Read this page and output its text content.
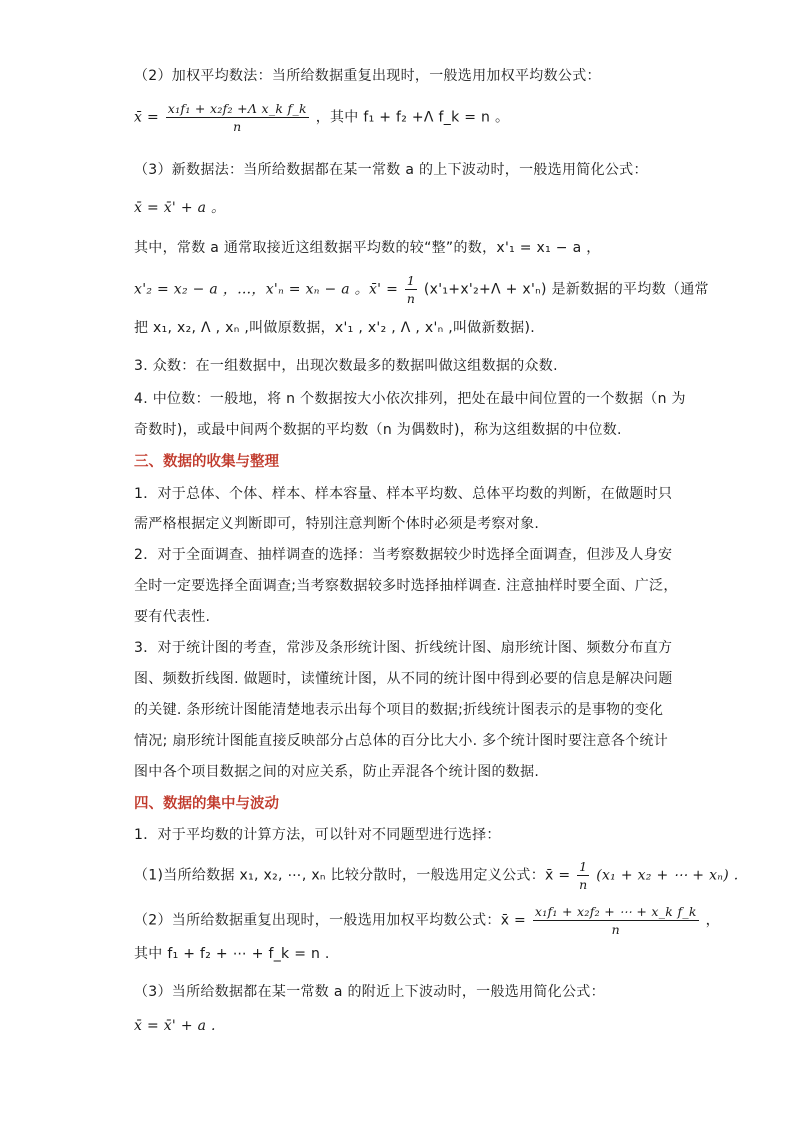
（2）加权平均数法：当所给数据重复出现时，一般选用加权平均数公式：
x̄ = $\frac{\text{x₁f₁ + x₂f₂ +Λ x\_k f\_k}}{n}$ ，其中 f₁ + f₂ +Λ f_k = n 。
（3）新数据法：当所给数据都在某一常数 a 的上下波动时，一般选用简化公式：
x̄ = x̄' + a 。
其中，常数 a 通常取接近这组数据平均数的较“整”的数，x'₁ = x₁ − a ，
x'₂ = x₂ − a ，…，x'ₙ = xₙ − a 。x̄' = $\frac{1}{n} (x'_1+x'_2+\Lambda + x'_n)$ 是新数据的平均数（通常
把 x₁, x₂, Λ , xₙ ,叫做原数据，x'₁ , x'₂ , Λ , x'ₙ ,叫做新数据).
3. 众数：在一组数据中，出现次数最多的数据叫做这组数据的众数.
4. 中位数：一般地，将 n 个数据按大小依次排列，把处在最中间位置的一个数据（n 为
奇数时)，或最中间两个数据的平均数（n 为偶数时)，称为这组数据的中位数.
三、数据的收集与整理
1．对于总体、个体、样本、样本容量、样本平均数、总体平均数的判断，在做题时只
需严格根据定义判断即可，特别注意判断个体时必须是考察对象.
2．对于全面调查、抽样调查的选择：当考察数据较少时选择全面调查，但涉及人身安
全时一定要选择全面调查;当考察数据较多时选择抽样调查. 注意抽样时要全面、广泛，
要有代表性.
3．对于统计图的考查，常涉及条形统计图、折线统计图、扇形统计图、频数分布直方
图、频数折线图. 做题时，读懂统计图，从不同的统计图中得到必要的信息是解决问题
的关键. 条形统计图能清楚地表示出每个项目的数据;折线统计图表示的是事物的变化
情况; 扇形统计图能直接反映部分占总体的百分比大小. 多个统计图时要注意各个统计
图中各个项目数据之间的对应关系，防止弄混各个统计图的数据.
四、数据的集中与波动
1．对于平均数的计算方法，可以针对不同题型进行选择：
（1)当所给数据 x₁, x₂, ⋯, xₙ 比较分散时，一般选用定义公式：x̄ = $\frac{1}{n} (x_1 + x_2$ + ⋯ + xₙ) .
（2）当所给数据重复出现时，一般选用加权平均数公式：x̄ = $\frac{\text{x₁f₁ + x₂f₂ + ⋯ + x\_k f\_k}}{n}$ ，
其中 f₁ + f₂ + ⋯ + f_k = n .
（3）当所给数据都在某一常数 a 的附近上下波动时，一般选用简化公式：
x̄ = x̄' + a .
